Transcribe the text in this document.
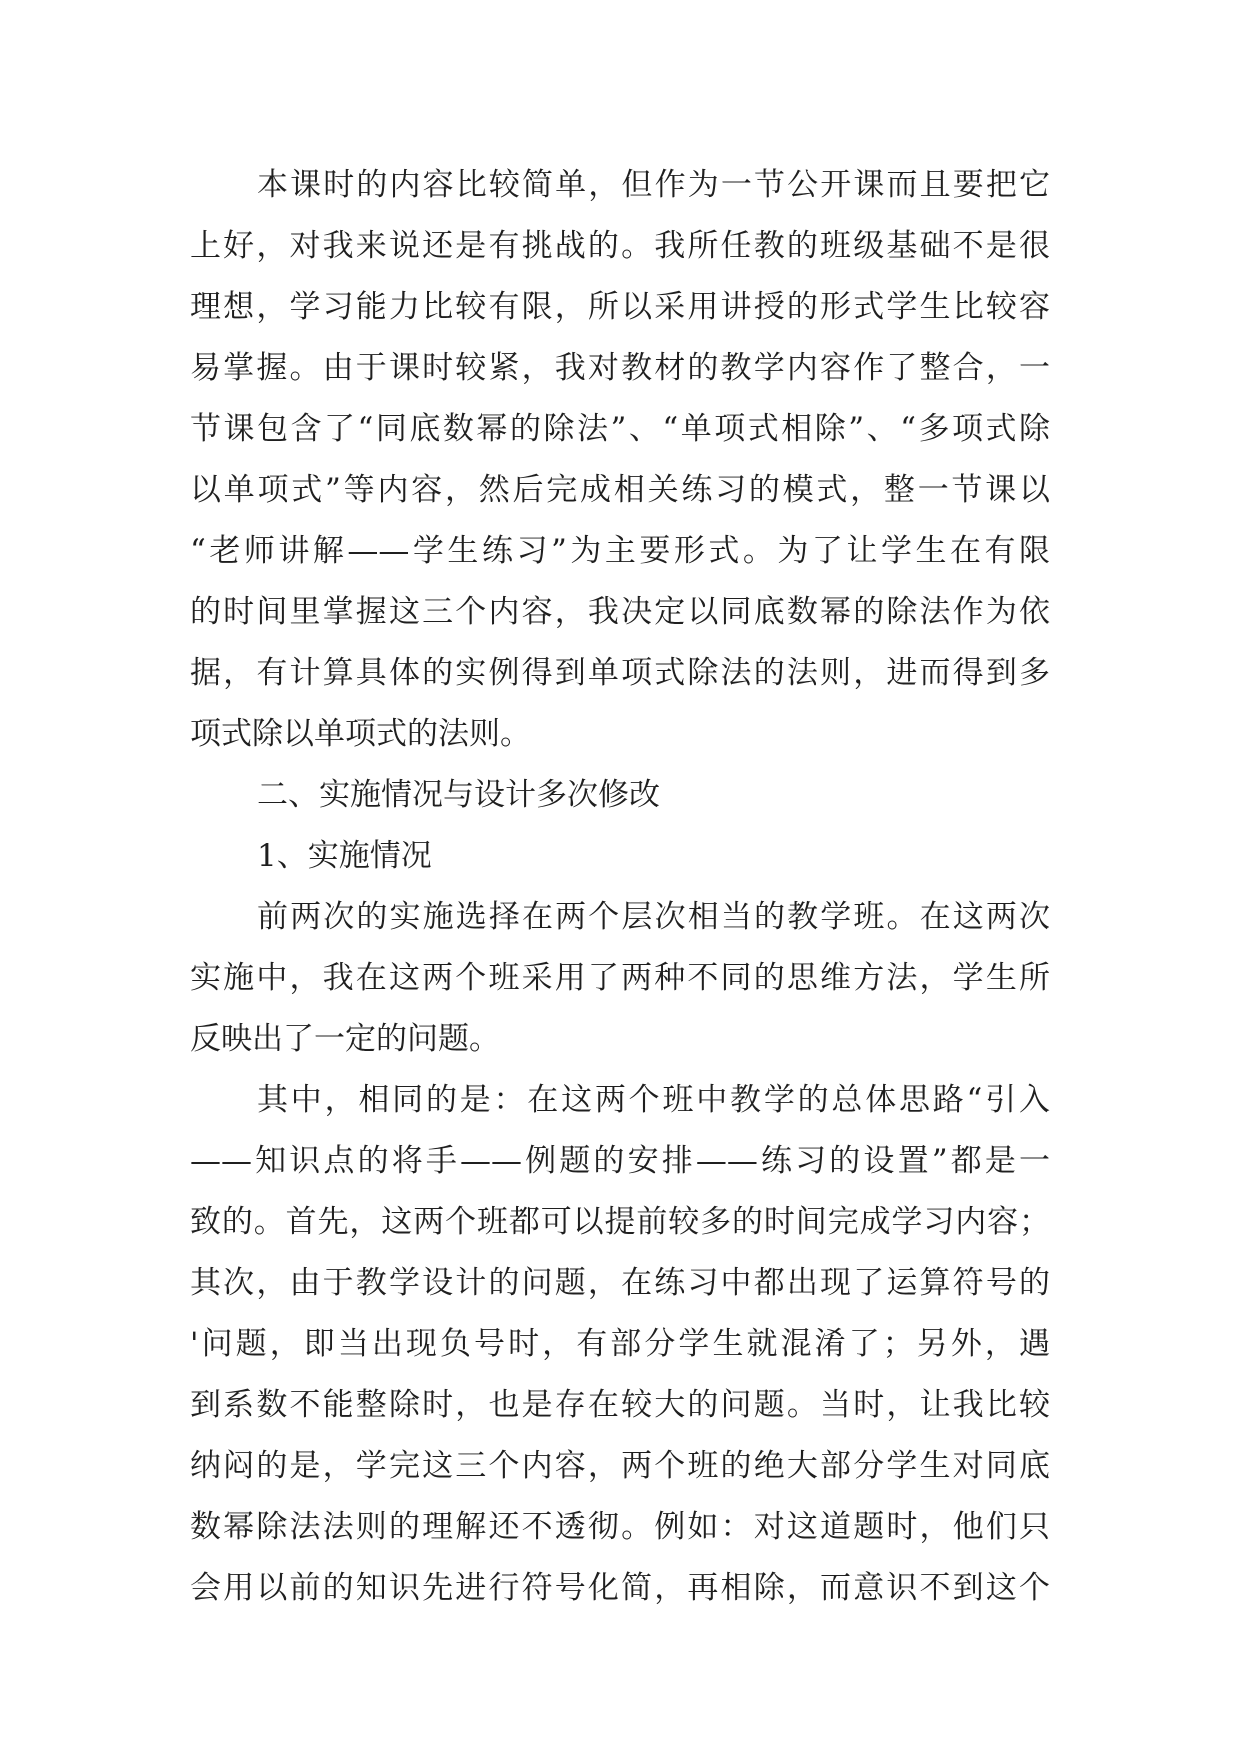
本课时的内容比较简单，但作为一节公开课而且要把它
上好，对我来说还是有挑战的。我所任教的班级基础不是很
理想，学习能力比较有限，所以采用讲授的形式学生比较容
易掌握。由于课时较紧，我对教材的教学内容作了整合，一
节课包含了“同底数幂的除法”、“单项式相除”、“多项式除
以单项式”等内容，然后完成相关练习的模式，整一节课以
“老师讲解——学生练习”为主要形式。为了让学生在有限
的时间里掌握这三个内容，我决定以同底数幂的除法作为依
据，有计算具体的实例得到单项式除法的法则，进而得到多
项式除以单项式的法则。
二、实施情况与设计多次修改
1、实施情况
前两次的实施选择在两个层次相当的教学班。在这两次
实施中，我在这两个班采用了两种不同的思维方法，学生所
反映出了一定的问题。
其中，相同的是：在这两个班中教学的总体思路“引入
——知识点的将手——例题的安排——练习的设置”都是一
致的。首先，这两个班都可以提前较多的时间完成学习内容；
其次，由于教学设计的问题，在练习中都出现了运算符号的
'问题，即当出现负号时，有部分学生就混淆了；另外，遇
到系数不能整除时，也是存在较大的问题。当时，让我比较
纳闷的是，学完这三个内容，两个班的绝大部分学生对同底
数幂除法法则的理解还不透彻。例如：对这道题时，他们只
会用以前的知识先进行符号化简，再相除，而意识不到这个
